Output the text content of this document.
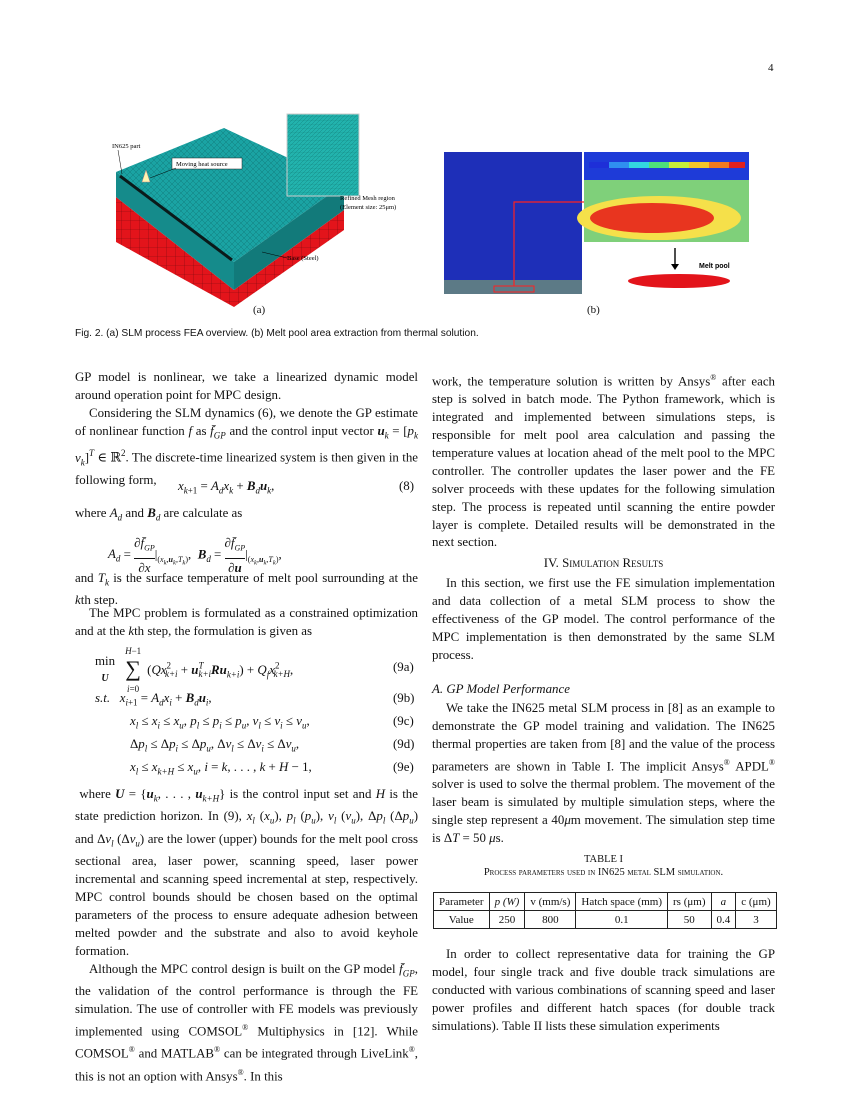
4
IN625 part
Moving heat source
Refined Mesh region
(Element size: 25μm)
Base (Steel)
(a)
Melt pool
(b)
Fig. 2. (a) SLM process FEA overview. (b) Melt pool area extraction from thermal solution.

GP model is nonlinear, we take a linearized dynamic model around operation point for MPC design.

Considering the SLM dynamics (6), we denote the GP estimate of nonlinear function f as $f̄_{GP}$ and the control input vector $u_k = [p_k$ $v_k]^T$ ∈ ℝ$^2$. The discrete-time linearized system is then given in the following form,	$x_{k+1} = A_dx_k + B_du_k$,	(8)
where $A_d$ and $B_d$ are calculate as
$A_d = \frac{\partial f̄_{GP}}{\partial x} |_{(x_k,u_k,T_k)}$,  $B_d = \frac{\partial f̄_{GP}}{\partial u} |_{(x_k,u_k,T_k)}$,
and $T_k$ is the surface temperature of melt pool surrounding at the kth step.
The MPC problem is formulated as a constrained optimization and at the kth step, the formulation is given as
min
UH−1
∑
$i=0(Qx^2_{k+i} + u^T_{k+i}Ru_{k+i}) + Q_fx^2_{k+H}$,	(9a)
s.t. $x_{i+1} = A_dx_i + B_du_i$,	(9b)
$x_l \le x_i \le x_u$, $p_l \le p_i \le p_u$, $v_l \le v_i \le v_u$,	(9c)
$\Delta p_l \le \Delta p_i \le \Delta p_u$, $\Delta v_l \le \Delta v_i \le \Delta v_u$,	(9d)
$x_l \le x_{k+H} \le x_u$, i = k, . . . , k + H − 1,	(9e)

where $U = \{u_k$, . . . , $u_{k+H}$} is the control input set and H is the state prediction horizon. In (9), $x_l$ $(x_u)$, $p_l$ $(p_u)$, $v_l$ $(v_u)$, $\Delta p_l$ $(\Delta p_u)$ and $\Delta v_l$ $(\Delta v_u)$ are the lower (upper) bounds for the melt pool cross sectional area, laser power, scanning speed, laser power incremental and scanning speed incremental at step, respectively. MPC control bounds should be chosen based on the optimal parameters of the process to ensure adequate adhesion between melted powder and the substrate and also to avoid keyhole formation.

Although the MPC control design is built on the GP model $f̄_{GP}$, the validation of the control performance is through the FE simulation. The use of controller with FE models was previously implemented using COMSOL® Multiphysics in [12]. While COMSOL® and MATLAB® can be integrated through LiveLink®, this is not an option with Ansys®. In this

work, the temperature solution is written by Ansys® after each step is solved in batch mode. The Python framework, which is integrated and implemented between simulations steps, is responsible for melt pool area calculation and passing the temperature values at location ahead of the melt pool to the MPC controller. The controller updates the laser power and the FE solver proceeds with these updates for the following simulation step. The process is repeated until scanning the entire powder layer is complete. Detailed results will be demonstrated in the next section.

IV. Simulation Results
In this section, we first use the FE simulation implementation and data collection of a metal SLM process to show the effectiveness of the GP model. The control performance of the MPC implementation is then demonstrated by the same SLM process.
A. GP Model Performance
We take the IN625 metal SLM process in [8] as an example to demonstrate the GP model training and validation. The IN625 thermal properties are taken from [8] and the value of the process parameters are shown in Table I. The implicit Ansys® APDL® solver is used to solve the thermal problem. The movement of the laser beam is simulated by multiple simulation steps, where the single step represent a 40μm movement. The simulation step time is ΔT = 50 μs.
TABLE I
Process parameters used in IN625 metal SLM simulation.
Parameter	p (W)	v (mm/s)	Hatch space (mm)	rs (μm)	a	c (μm)
Value	250	800	0.1	50	0.4	3
In order to collect representative data for training the GP model, four single track and five double track simulations are conducted with various combinations of scanning speed and laser power profiles and different hatch spaces (for double track simulations). Table II lists these simulation experiments
